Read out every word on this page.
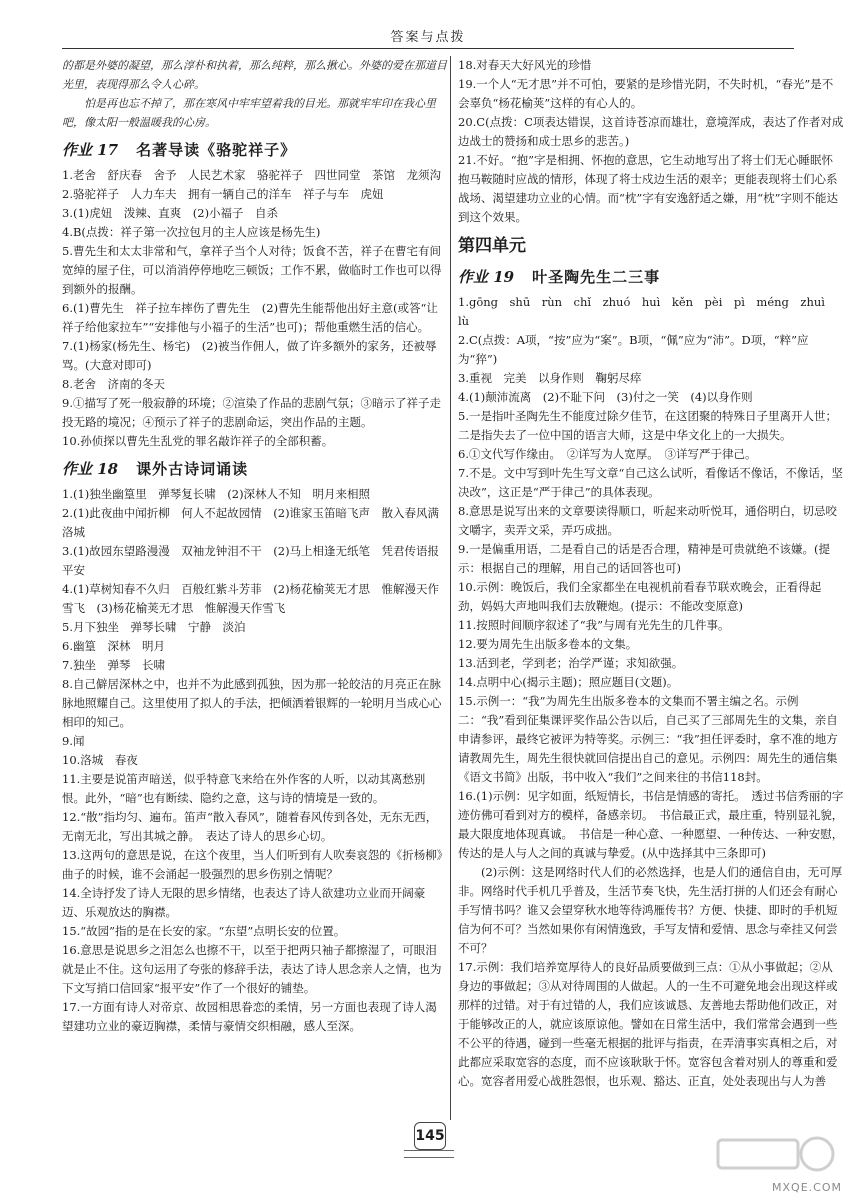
答案与点拨

的都是外婆的凝望，那么淳朴和执着，那么纯粹，那么揪心。外婆的爱在那道目光里，表现得那么令人心碎。

怕是再也忘不掉了，那在寒风中牢牢望着我的目光。那就牢牢印在我心里吧，像太阳一般温暖我的心房。

作业 17 名著导读《骆驼祥子》

1.老舍　舒庆春　舍予　人民艺术家　骆驼祥子　四世同堂　茶馆　龙须沟

2.骆驼祥子　人力车夫　拥有一辆自己的洋车　祥子与车　虎妞

3.(1)虎妞　泼辣、直爽　(2)小福子　自杀

4.B(点拨：祥子第一次拉包月的主人应该是杨先生)

5.曹先生和太太非常和气，拿祥子当个人对待；饭食不苦，祥子在曹宅有间宽绰的屋子住，可以消消停停地吃三顿饭；工作不累，做临时工作也可以得到额外的报酬。

6.(1)曹先生　祥子拉车摔伤了曹先生　(2)曹先生能帮他出好主意(或答“让祥子给他家拉车”“安排他与小福子的生活”也可)；帮他重燃生活的信心。

7.(1)杨家(杨先生、杨宅)　(2)被当作佣人，做了许多额外的家务，还被辱骂。(大意对即可)

8.老舍　济南的冬天

9.①描写了死一般寂静的环境；②渲染了作品的悲剧气氛；③暗示了祥子走投无路的境况；④预示了祥子的悲剧命运，突出作品的主题。

10.孙侦探以曹先生乱党的罪名敲诈祥子的全部积蓄。

作业 18 课外古诗词诵读

1.(1)独坐幽篁里　弹琴复长啸　(2)深林人不知　明月来相照

2.(1)此夜曲中闻折柳　何人不起故园情　(2)谁家玉笛暗飞声　散入春风满洛城

3.(1)故园东望路漫漫　双袖龙钟泪不干　(2)马上相逢无纸笔　凭君传语报平安

4.(1)草树知春不久归　百般红紫斗芳菲　(2)杨花榆荚无才思　惟解漫天作雪飞　(3)杨花榆荚无才思　惟解漫天作雪飞

5.月下独坐　弹琴长啸　宁静　淡泊

6.幽篁　深林　明月

7.独坐　弹琴　长啸

8.自己僻居深林之中，也并不为此感到孤独，因为那一轮皎洁的月亮正在脉脉地照耀自己。这里使用了拟人的手法，把倾洒着银辉的一轮明月当成心心相印的知己。

9.闻

10.洛城　春夜

11.主要是说笛声暗送，似乎特意飞来给在外作客的人听，以动其离愁别恨。此外，“暗”也有断续、隐约之意，这与诗的情境是一致的。

12.“散”指均匀、遍布。笛声“散入春风”，随着春风传到各处，无东无西，无南无北，写出其城之静。　表达了诗人的思乡心切。

13.这两句的意思是说，在这个夜里，当人们听到有人吹奏哀怨的《折杨柳》曲子的时候，谁不会涌起一股强烈的思乡伤别之情呢？

14.全诗抒发了诗人无限的思乡情绪，也表达了诗人欲建功立业而开阔豪迈、乐观放达的胸襟。

15.“故园”指的是在长安的家。“东望”点明长安的位置。

16.意思是说思乡之泪怎么也擦不干，以至于把两只袖子都擦湿了，可眼泪就是止不住。这句运用了夸张的修辞手法，表达了诗人思念亲人之情，也为下文写捎口信回家“报平安”作了一个很好的铺垫。

17.一方面有诗人对帝京、故园相思眷恋的柔情，另一方面也表现了诗人渴望建功立业的豪迈胸襟，柔情与豪情交织相融，感人至深。

18.对春天大好风光的珍惜

19.一个人“无才思”并不可怕，要紧的是珍惜光阴，不失时机，“春光”是不会辜负“杨花榆荚”这样的有心人的。

20.C(点拨：C项表达错误，这首诗苍凉而雄壮，意境浑成，表达了作者对成边战士的赞扬和成士思乡的悲苦。)

21.不好。“抱”字是相拥、怀抱的意思，它生动地写出了将士们无心睡眠怀抱马鞍随时应战的情形，体现了将士戍边生活的艰辛；更能表现将士们心系战场、渴望建功立业的心情。而“枕”字有安逸舒适之嫌，用“枕”字则不能达到这个效果。

第四单元
作业 19 叶圣陶先生二三事

1.gōng　shū　rùn　chǐ　zhuó　huì　kěn　pèi　pì　méng　zhuì　lù

2.C(点拨：A项，“按”应为“案”。B项，“佩”应为“沛”。D项，“粹”应为“猝”)

3.重视　完美　以身作则　鞠躬尽瘁

4.(1)颠沛流离　(2)不耻下问　(3)付之一笑　(4)以身作则

5.一是指叶圣陶先生不能度过除夕佳节，在这团聚的特殊日子里离开人世；二是指失去了一位中国的语言大师，这是中华文化上的一大损失。

6.①文代写作缘由。　②详写为人宽厚。　③详写严于律己。

7.不是。文中写到叶先生写文章“自己这么试听，看像话不像话，不像话，坚决改”，这正是“严于律己”的具体表现。

8.意思是说写出来的文章要读得顺口，听起来动听悦耳，通俗明白，切忌咬文嚼字，卖弄文采，弄巧成拙。

9.一是偏重用语，二是看自己的话是否合理，精神是可贵就绝不该嫌。(提示：根据自己的理解，用自己的话回答也可)

10.示例：晚饭后，我们全家都坐在电视机前看春节联欢晚会，正看得起劲，妈妈大声地叫我们去放鞭炮。(提示：不能改变原意)

11.按照时间顺序叙述了“我”与周有光先生的几件事。

12.要为周先生出版多卷本的文集。

13.活到老，学到老；治学严谨；求知欲强。

14.点明中心(揭示主题)；照应题目(文题)。

15.示例一：“我”为周先生出版多卷本的文集而不署主编之名。示例二：“我”看到征集课评奖作品公告以后，自己买了三部周先生的文集，亲自申请参评，最终它被评为特等奖。示例三：“我”担任评委时，拿不准的地方请教周先生，周先生很快就回信提出自己的意见。示例四：周先生的通信集《语文书简》出版，书中收入“我们”之间来往的书信118封。

16.(1)示例：见字如面，纸短情长，书信是情感的寄托。　透过书信秀丽的字迹仿佛可看到对方的模样，备感亲切。　书信最正式，最庄重，特别显礼貌，最大限度地体现真诚。　书信是一种心意、一种愿望、一种传达、一种安慰，传达的是人与人之间的真诚与挚爱。(从中选择其中三条即可)

(2)示例：这是网络时代人们的必然选择，也是人们的通信自由，无可厚非。网络时代手机几乎普及，生活节奏飞快，先生活打拼的人们还会有耐心手写情书吗？谁又会望穿秋水地等待鸿雁传书？方便、快捷、即时的手机短信为何不可？当然如果你有闲情逸致，手写友情和爱情、思念与牵挂又何尝不可？

17.示例：我们培养宽厚待人的良好品质要做到三点：①从小事做起；②从身边的事做起；③从对待周围的人做起。人的一生不可避免地会出现这样或那样的过错。对于有过错的人，我们应该诚恳、友善地去帮助他们改正，对于能够改正的人，就应该原谅他。譬如在日常生活中，我们常常会遇到一些不公平的待遇，碰到一些毫无根据的批评与指责，在弄清事实真相之后，对此都应采取宽容的态度，而不应该耿耿于怀。宽容包含着对别人的尊重和爱心。宽容者用爱心战胜怨恨，也乐观、豁达、正直，处处表现出与人为善

145
MXQE.COM
